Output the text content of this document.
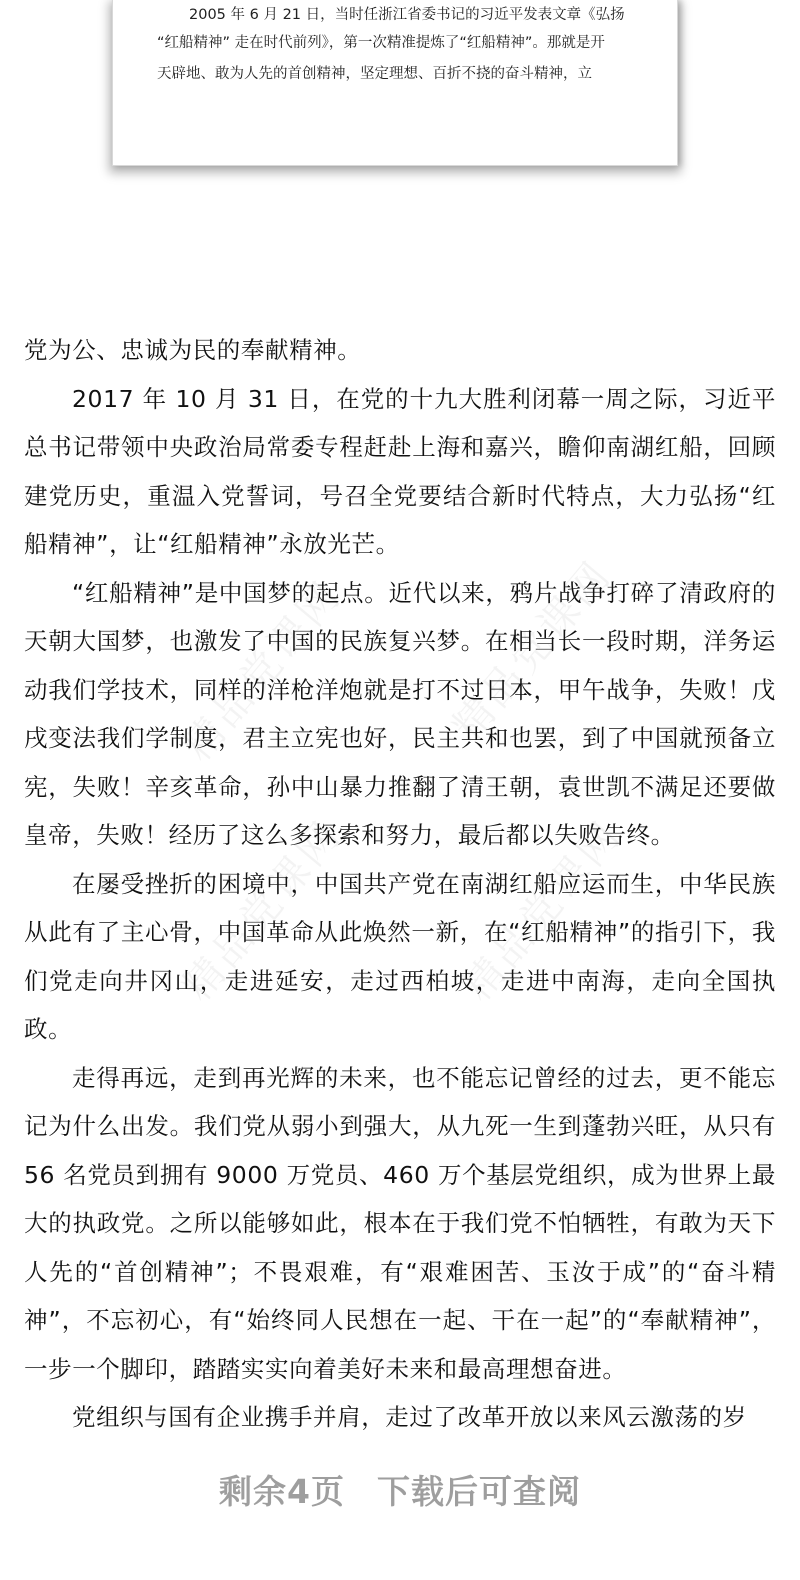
2005 年 6 月 21 日，当时任浙江省委书记的习近平发表文章《弘扬
“红船精神” 走在时代前列》，第一次精准提炼了“红船精神”。那就是开
天辟地、敢为人先的首创精神，坚定理想、百折不挠的奋斗精神，立

党为公、忠诚为民的奉献精神。

2017 年 10 月 31 日，在党的十九大胜利闭幕一周之际，习近平总书记带领中央政治局常委专程赶赴上海和嘉兴，瞻仰南湖红船，回顾建党历史，重温入党誓词，号召全党要结合新时代特点，大力弘扬“红船精神”，让“红船精神”永放光芒。

“红船精神”是中国梦的起点。近代以来，鸦片战争打碎了清政府的天朝大国梦，也激发了中国的民族复兴梦。在相当长一段时期，洋务运动我们学技术，同样的洋枪洋炮就是打不过日本，甲午战争，失败！戊戌变法我们学制度，君主立宪也好，民主共和也罢，到了中国就预备立宪，失败！辛亥革命，孙中山暴力推翻了清王朝，袁世凯不满足还要做皇帝，失败！经历了这么多探索和努力，最后都以失败告终。

在屡受挫折的困境中，中国共产党在南湖红船应运而生，中华民族从此有了主心骨，中国革命从此焕然一新，在“红船精神”的指引下，我们党走向井冈山，走进延安，走过西柏坡，走进中南海，走向全国执政。

走得再远，走到再光辉的未来，也不能忘记曾经的过去，更不能忘记为什么出发。我们党从弱小到强大，从九死一生到蓬勃兴旺，从只有 56 名党员到拥有 9000 万党员、460 万个基层党组织，成为世界上最大的执政党。之所以能够如此，根本在于我们党不怕牺牲，有敢为天下人先的“首创精神”；不畏艰难，有“艰难困苦、玉汝于成”的“奋斗精神”，不忘初心，有“始终同人民想在一起、干在一起”的“奉献精神”，一步一个脚印，踏踏实实向着美好未来和最高理想奋进。

党组织与国有企业携手并肩，走过了改革开放以来风云激荡的岁

剩余4页 下载后可查阅
